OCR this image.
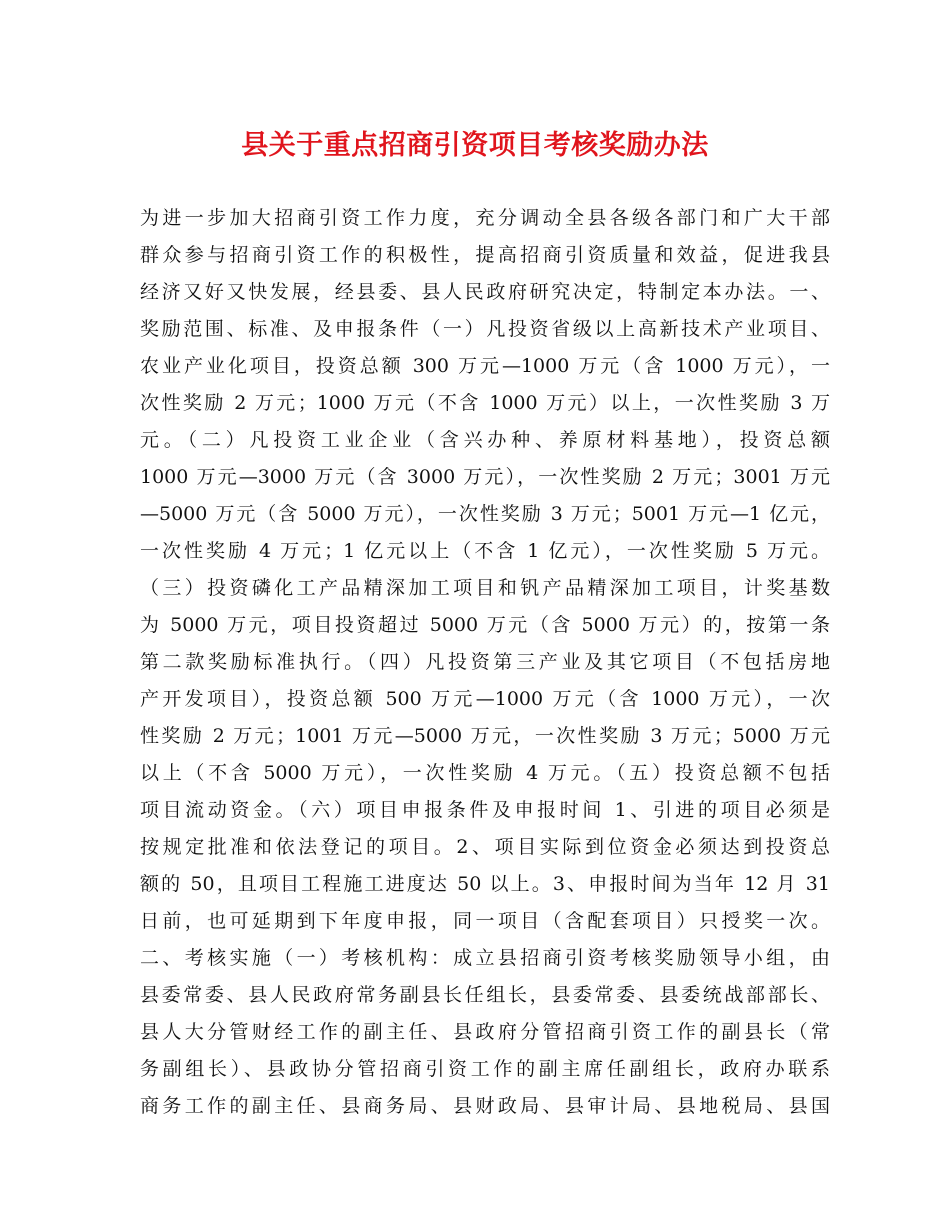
县关于重点招商引资项目考核奖励办法
为进一步加大招商引资工作力度，充分调动全县各级各部门和广大干部
群众参与招商引资工作的积极性，提高招商引资质量和效益，促进我县
经济又好又快发展，经县委、县人民政府研究决定，特制定本办法。一、
奖励范围、标准、及申报条件（一）凡投资省级以上高新技术产业项目、
农业产业化项目，投资总额 300 万元—1000 万元（含 1000 万元），一
次性奖励 2 万元；1000 万元（不含 1000 万元）以上，一次性奖励 3 万
元。（二）凡投资工业企业（含兴办种、养原材料基地），投资总额
1000 万元—3000 万元（含 3000 万元），一次性奖励 2 万元；3001 万元
—5000 万元（含 5000 万元），一次性奖励 3 万元；5001 万元—1 亿元，
一次性奖励 4 万元；1 亿元以上（不含 1 亿元），一次性奖励 5 万元。
（三）投资磷化工产品精深加工项目和钒产品精深加工项目，计奖基数
为 5000 万元，项目投资超过 5000 万元（含 5000 万元）的，按第一条
第二款奖励标准执行。（四）凡投资第三产业及其它项目（不包括房地
产开发项目），投资总额 500 万元—1000 万元（含 1000 万元），一次
性奖励 2 万元；1001 万元—5000 万元，一次性奖励 3 万元；5000 万元
以上（不含 5000 万元），一次性奖励 4 万元。（五）投资总额不包括
项目流动资金。（六）项目申报条件及申报时间 1、引进的项目必须是
按规定批准和依法登记的项目。2、项目实际到位资金必须达到投资总
额的 50，且项目工程施工进度达 50 以上。3、申报时间为当年 12 月 31
日前，也可延期到下年度申报，同一项目（含配套项目）只授奖一次。
二、考核实施（一）考核机构：成立县招商引资考核奖励领导小组，由
县委常委、县人民政府常务副县长任组长，县委常委、县委统战部部长、
县人大分管财经工作的副主任、县政府分管招商引资工作的副县长（常
务副组长）、县政协分管招商引资工作的副主席任副组长，政府办联系
商务工作的副主任、县商务局、县财政局、县审计局、县地税局、县国
